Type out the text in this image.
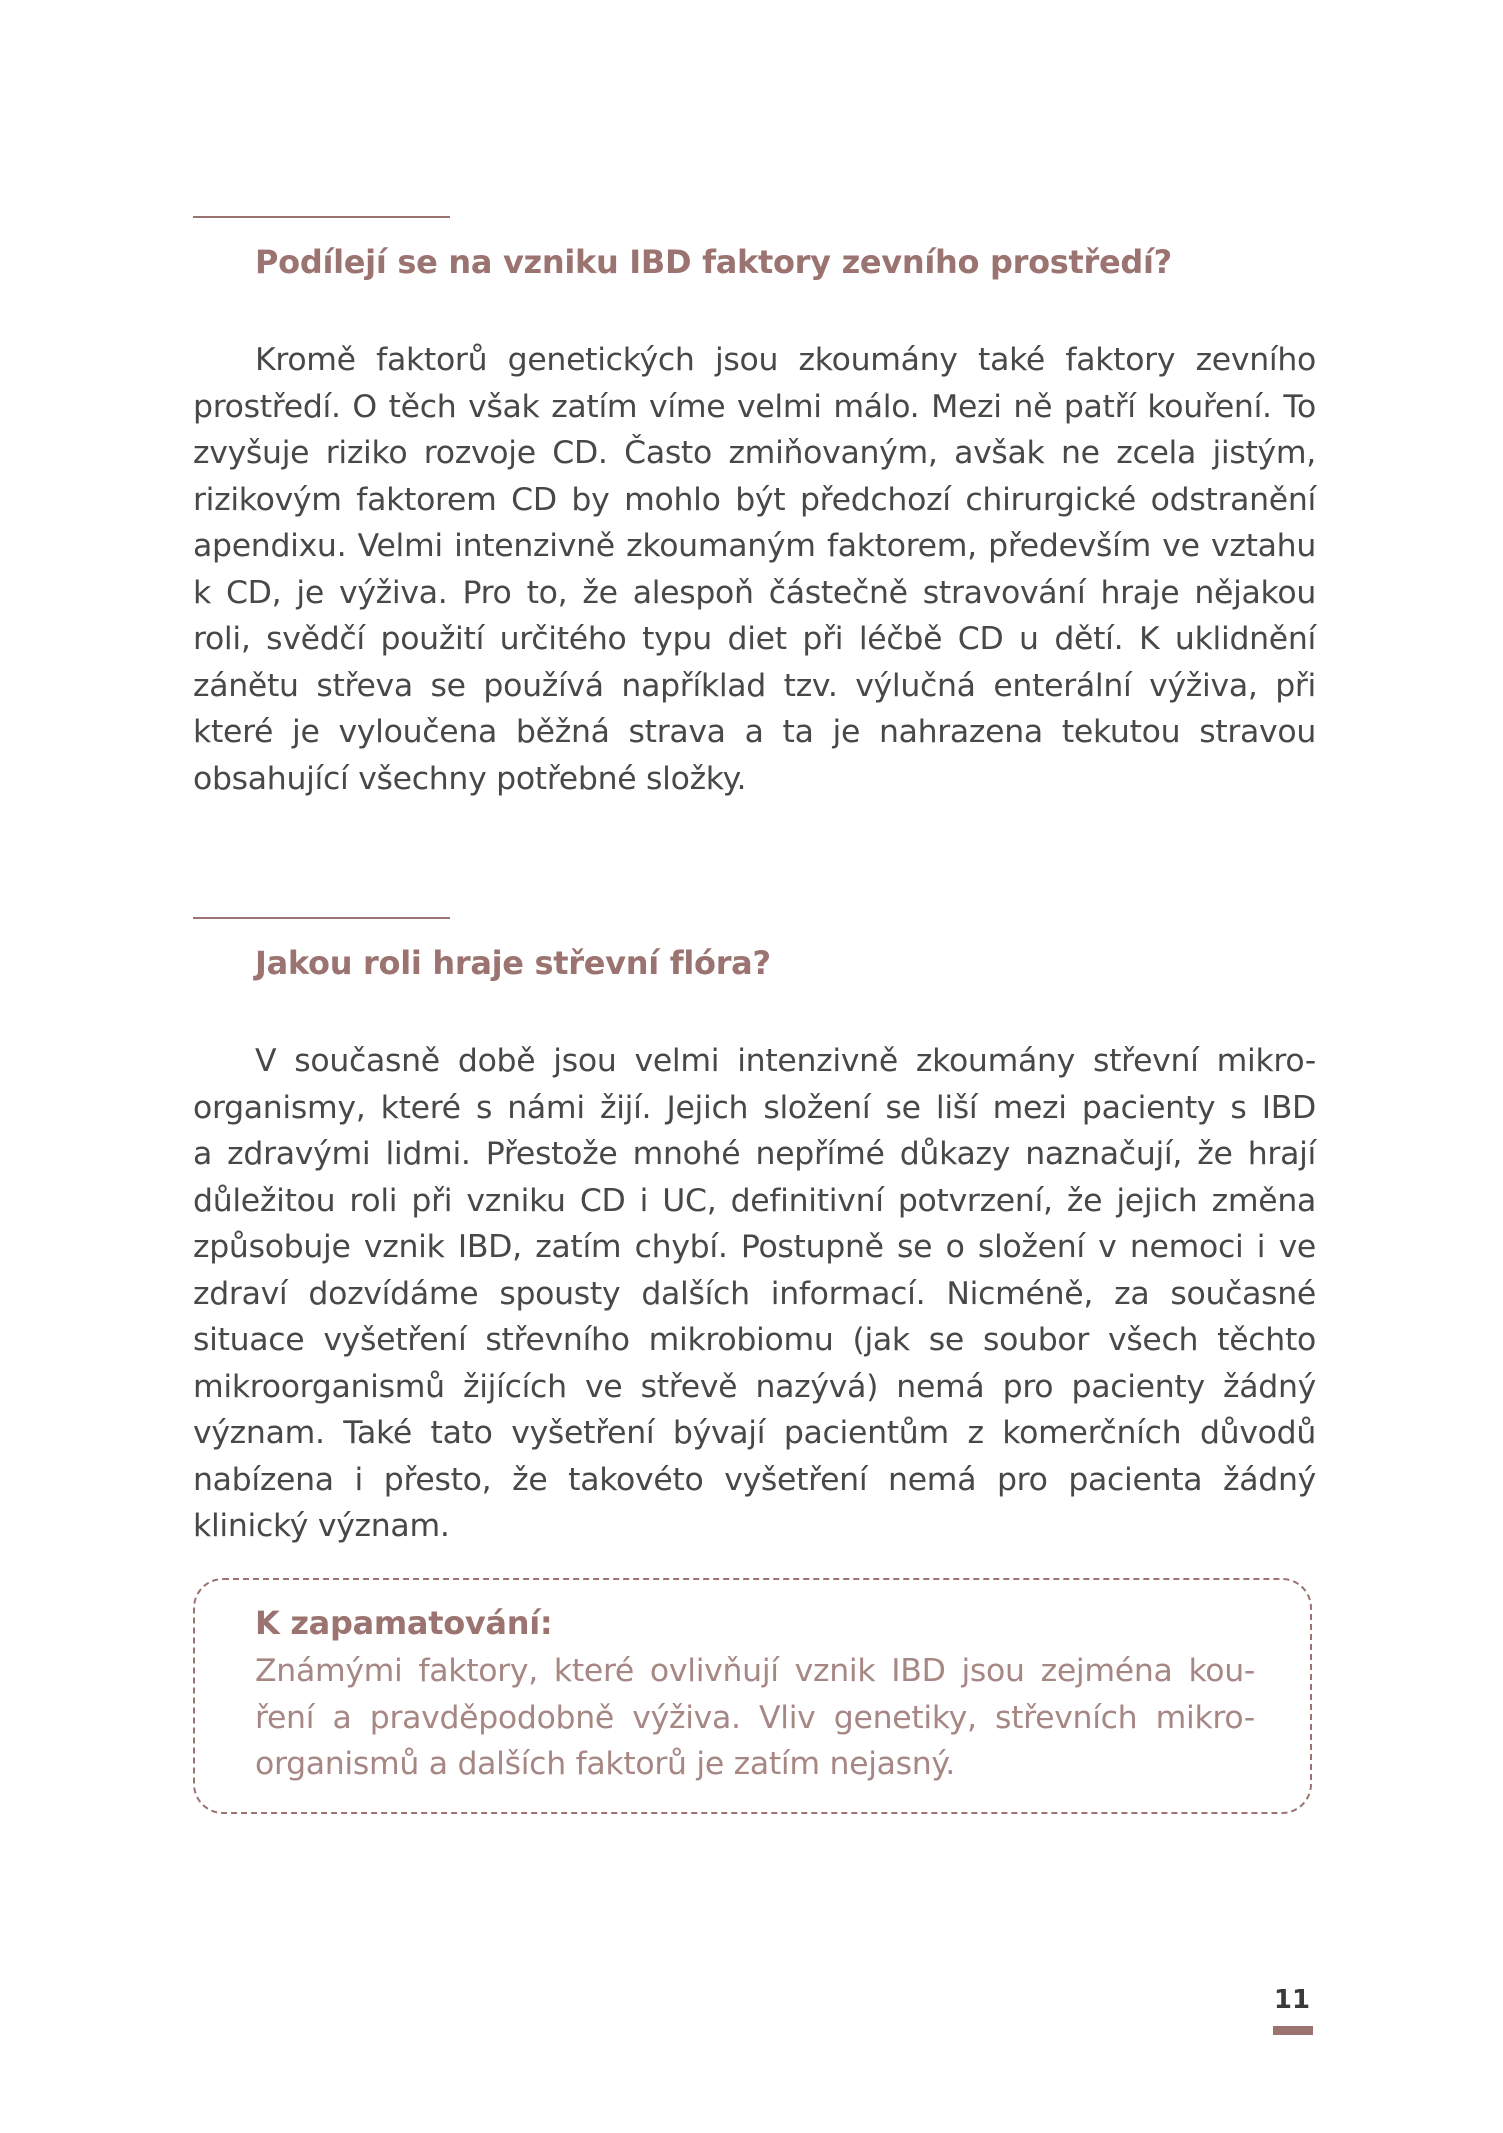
Podílejí se na vzniku IBD faktory zevního prostředí?
Kromě faktorů genetických jsou zkoumány také faktory zevního
prostředí. O těch však zatím víme velmi málo. Mezi ně patří kouření. To
zvyšuje riziko rozvoje CD. Často zmiňovaným, avšak ne zcela jistým,
rizikovým faktorem CD by mohlo být předchozí chirurgické odstranění
apendixu. Velmi intenzivně zkoumaným faktorem, především ve vztahu
k CD, je výživa. Pro to, že alespoň částečně stravování hraje nějakou
roli, svědčí použití určitého typu diet při léčbě CD u dětí. K uklidnění
zánětu střeva se používá například tzv. výlučná enterální výživa, při
které je vyloučena běžná strava a ta je nahrazena tekutou stravou
obsahující všechny potřebné složky.
Jakou roli hraje střevní flóra?
V současně době jsou velmi intenzivně zkoumány střevní mikro-
organismy, které s námi žijí. Jejich složení se liší mezi pacienty s IBD
a zdravými lidmi. Přestože mnohé nepřímé důkazy naznačují, že hrají
důležitou roli při vzniku CD i UC, definitivní potvrzení, že jejich změna
způsobuje vznik IBD, zatím chybí. Postupně se o složení v nemoci i ve
zdraví dozvídáme spousty dalších informací. Nicméně, za současné
situace vyšetření střevního mikrobiomu (jak se soubor všech těchto
mikroorganismů žijících ve střevě nazývá) nemá pro pacienty žádný
význam. Také tato vyšetření bývají pacientům z komerčních důvodů
nabízena i přesto, že takovéto vyšetření nemá pro pacienta žádný
klinický význam.
K zapamatování:
Známými faktory, které ovlivňují vznik IBD jsou zejména kou-
ření a pravděpodobně výživa. Vliv genetiky, střevních mikro-
organismů a dalších faktorů je zatím nejasný.
11
